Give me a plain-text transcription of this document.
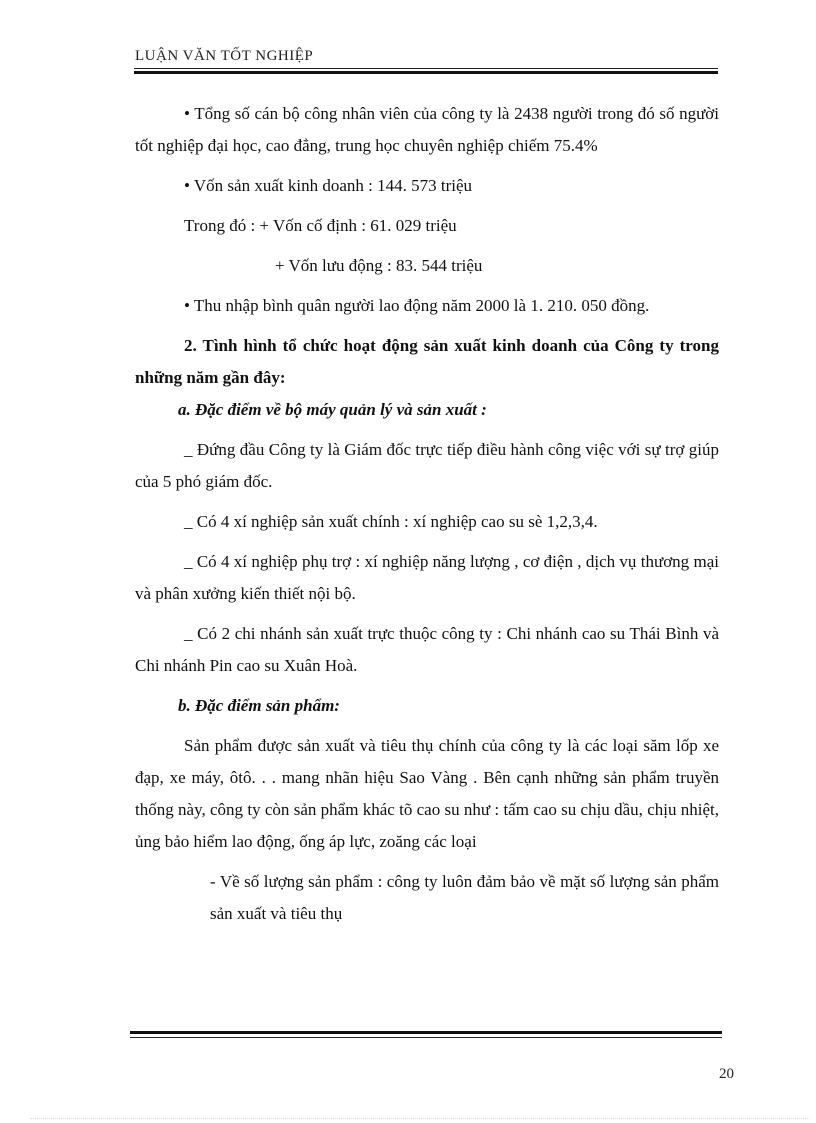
LUẬN VĂN TỐT NGHIỆP

• Tổng số cán bộ công nhân viên của công ty là 2438 người trong đó số người tốt nghiệp đại học, cao đẳng, trung học chuyên nghiệp chiếm 75.4%

• Vốn sản xuất kinh doanh : 144. 573 triệu

Trong đó : + Vốn cố định : 61. 029 triệu

+ Vốn lưu động : 83. 544 triệu

• Thu nhập bình quân người lao động năm 2000 là 1. 210. 050 đồng.

2. Tình hình tổ chức hoạt động sản xuất kinh doanh của Công ty trong những năm gần đây:

a. Đặc điểm về bộ máy quản lý và sản xuất :

_ Đứng đầu Công ty là Giám đốc trực tiếp điều hành công việc với sự trợ giúp của 5 phó giám đốc.

_ Có 4 xí nghiệp sản xuất chính : xí nghiệp cao su sè 1,2,3,4.

_ Có 4 xí nghiệp phụ trợ : xí nghiệp năng lượng , cơ điện , dịch vụ thương mại và phân xưởng kiến thiết nội bộ.

_ Có 2 chi nhánh sản xuất trực thuộc công ty : Chi nhánh cao su Thái Bình và Chi nhánh Pin cao su Xuân Hoà.

b. Đặc điểm sản phẩm:

Sản phẩm được sản xuất và tiêu thụ chính của công ty là các loại săm lốp xe đạp, xe máy, ôtô. . . mang nhãn hiệu Sao Vàng . Bên cạnh những sản phẩm truyền thống này, công ty còn sản phẩm khác tõ cao su như : tấm cao su chịu dầu, chịu nhiệt, ủng bảo hiểm lao động, ống áp lực, zoăng các loại

- Về số lượng sản phẩm : công ty luôn đảm bảo về mặt số lượng sản phẩm sản xuất và tiêu thụ

20
